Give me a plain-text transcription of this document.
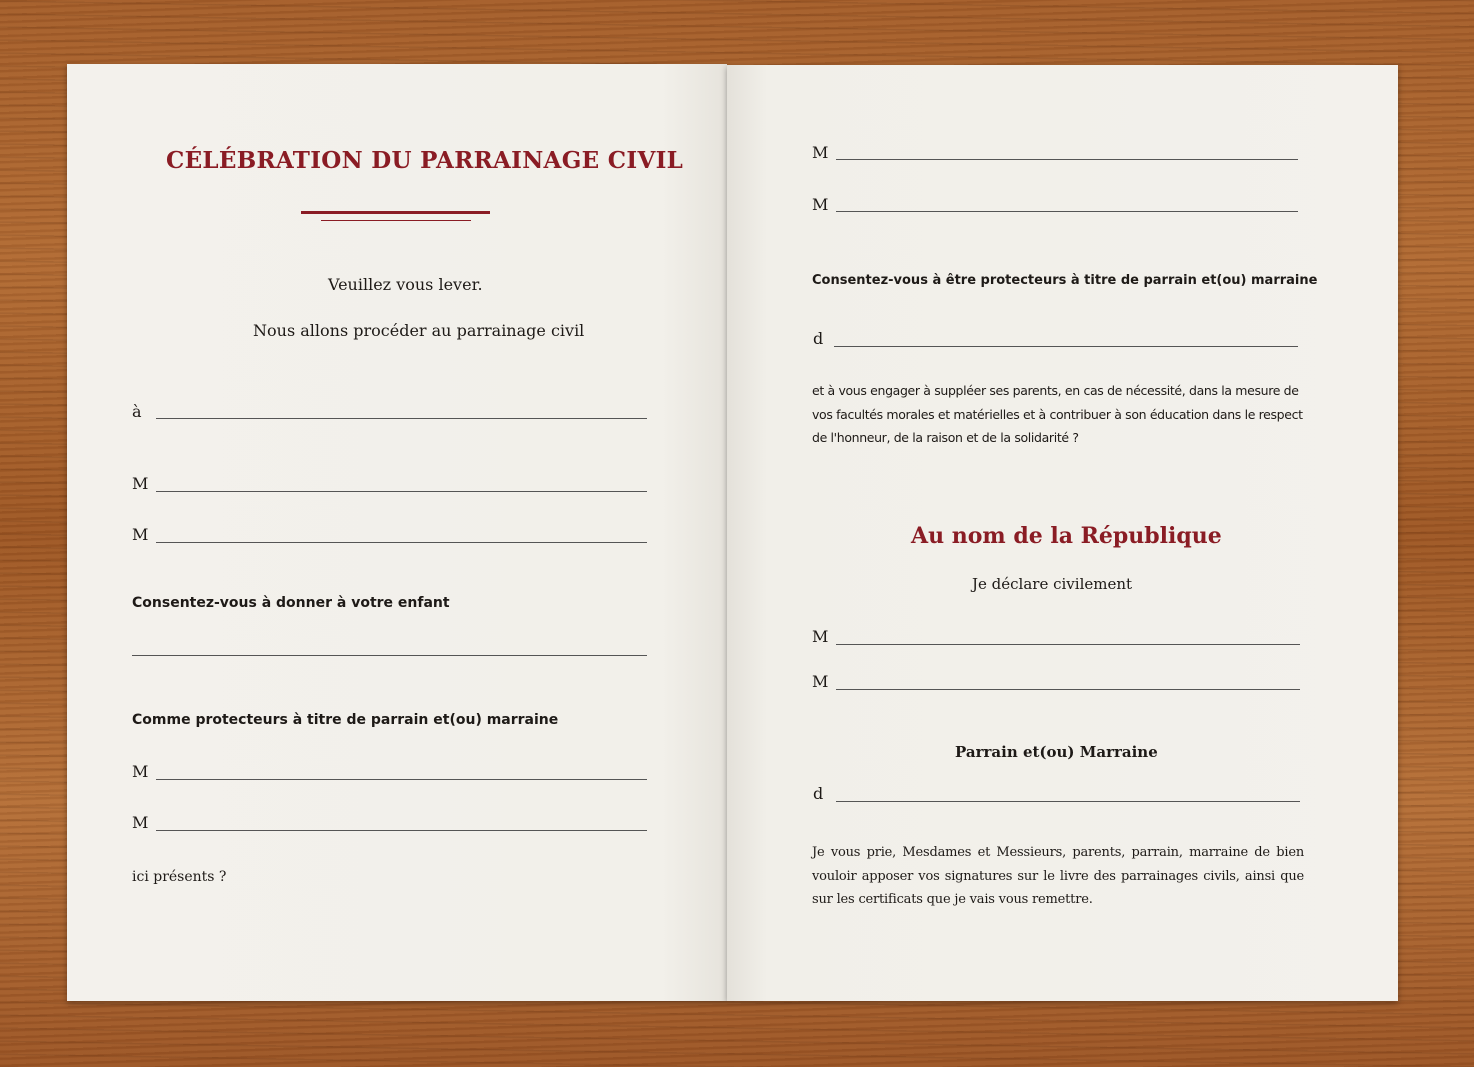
CÉLÉBRATION DU PARRAINAGE CIVIL
Veuillez vous lever.
Nous allons procéder au parrainage civil
à
M
M
Consentez-vous à donner à votre enfant
Comme protecteurs à titre de parrain et(ou) marraine
M
M
ici présents ?
M
M
Consentez-vous à être protecteurs à titre de parrain et(ou) marraine
d
et à vous engager à suppléer ses parents, en cas de nécessité, dans la mesure de vos facultés morales et matérielles et à contribuer à son éducation dans le respect de l'honneur, de la raison et de la solidarité ?
Au nom de la République
Je déclare civilement
M
M
Parrain et(ou) Marraine
d
Je vous prie, Mesdames et Messieurs, parents, parrain, marraine de bien vouloir apposer vos signatures sur le livre des parrainages civils, ainsi que sur les certificats que je vais vous remettre.
